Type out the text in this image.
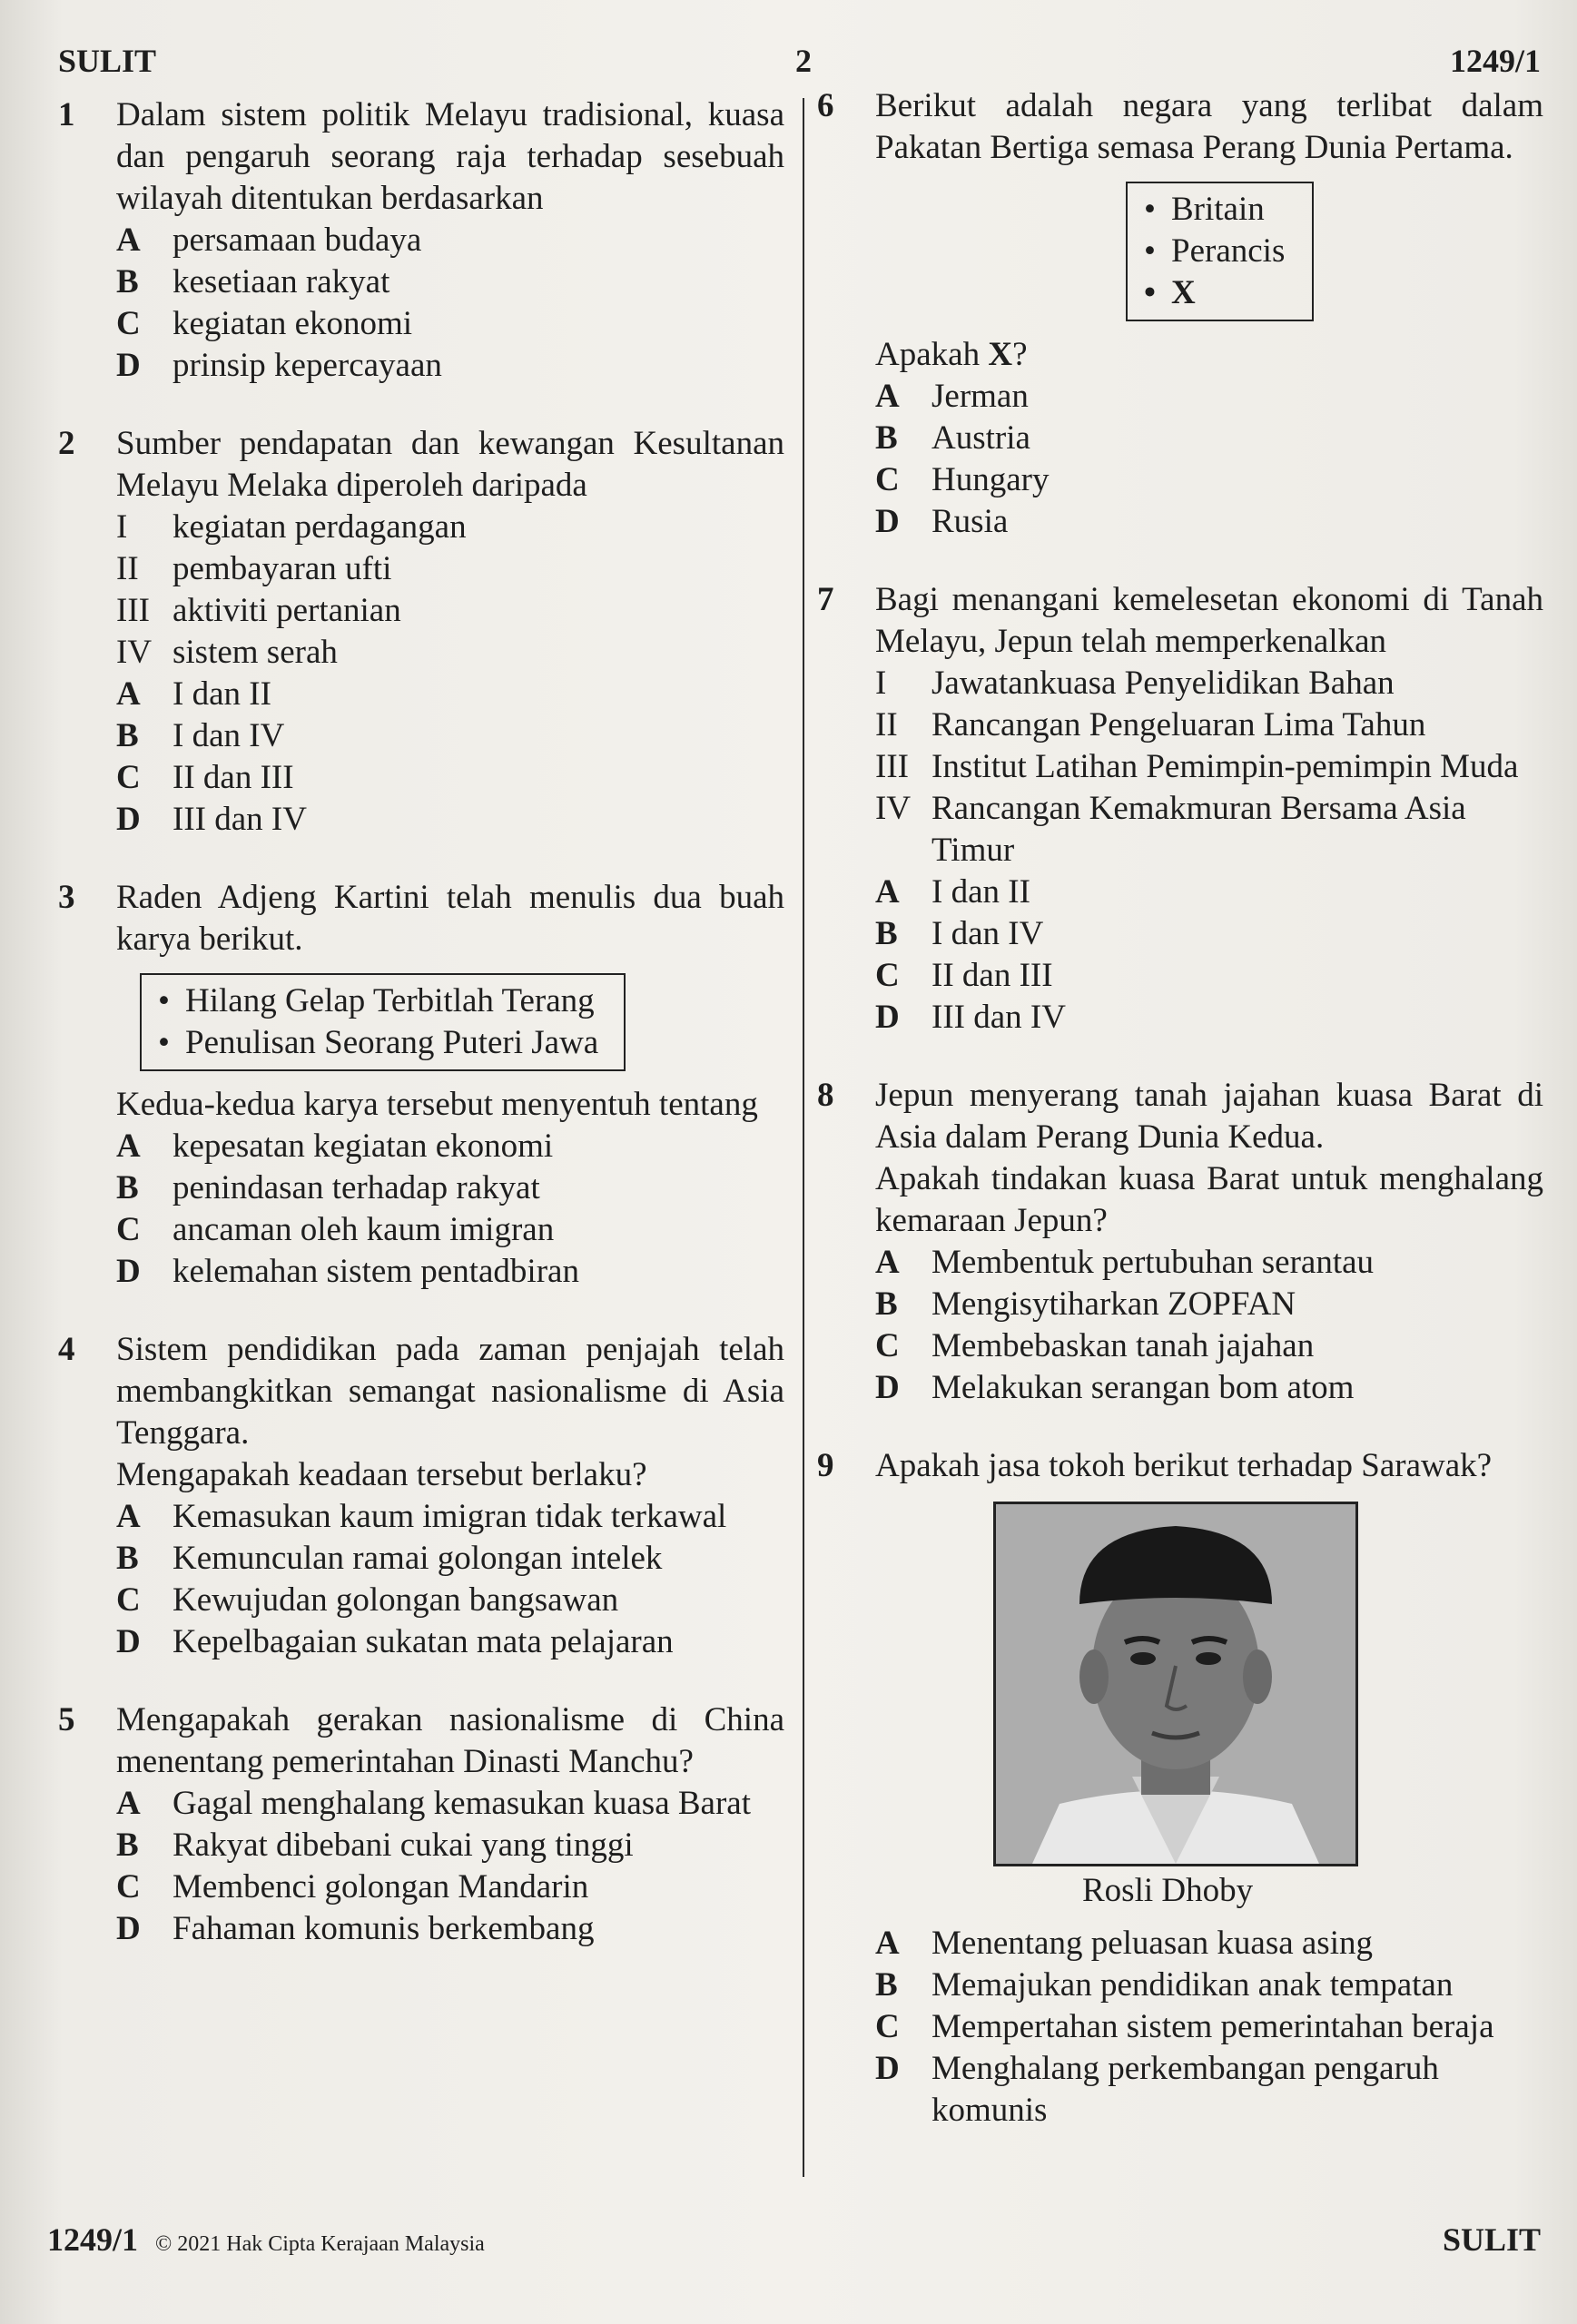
SULIT	2	1249/1
1 Dalam sistem politik Melayu tradisional, kuasa dan pengaruh seorang raja terhadap sesebuah wilayah ditentukan berdasarkan
A persamaan budaya
B kesetiaan rakyat
C kegiatan ekonomi
D prinsip kepercayaan
2 Sumber pendapatan dan kewangan Kesultanan Melayu Melaka diperoleh daripada
I kegiatan perdagangan
II pembayaran ufti
III aktiviti pertanian
IV sistem serah
A I dan II
B I dan IV
C II dan III
D III dan IV
3 Raden Adjeng Kartini telah menulis dua buah karya berikut.
• Hilang Gelap Terbitlah Terang
• Penulisan Seorang Puteri Jawa
Kedua-kedua karya tersebut menyentuh tentang
A kepesatan kegiatan ekonomi
B penindasan terhadap rakyat
C ancaman oleh kaum imigran
D kelemahan sistem pentadbiran
4 Sistem pendidikan pada zaman penjajah telah membangkitkan semangat nasionalisme di Asia Tenggara.
Mengapakah keadaan tersebut berlaku?
A Kemasukan kaum imigran tidak terkawal
B Kemunculan ramai golongan intelek
C Kewujudan golongan bangsawan
D Kepelbagaian sukatan mata pelajaran
5 Mengapakah gerakan nasionalisme di China menentang pemerintahan Dinasti Manchu?
A Gagal menghalang kemasukan kuasa Barat
B Rakyat dibebani cukai yang tinggi
C Membenci golongan Mandarin
D Fahaman komunis berkembang
6 Berikut adalah negara yang terlibat dalam Pakatan Bertiga semasa Perang Dunia Pertama.
• Britain
• Perancis
• X
Apakah X?
A Jerman
B Austria
C Hungary
D Rusia
7 Bagi menangani kemelesetan ekonomi di Tanah Melayu, Jepun telah memperkenalkan
I Jawatankuasa Penyelidikan Bahan
II Rancangan Pengeluaran Lima Tahun
III Institut Latihan Pemimpin-pemimpin Muda
IV Rancangan Kemakmuran Bersama Asia Timur
A I dan II
B I dan IV
C II dan III
D III dan IV
8 Jepun menyerang tanah jajahan kuasa Barat di Asia dalam Perang Dunia Kedua.
Apakah tindakan kuasa Barat untuk menghalang kemaraan Jepun?
A Membentuk pertubuhan serantau
B Mengisytiharkan ZOPFAN
C Membebaskan tanah jajahan
D Melakukan serangan bom atom
9 Apakah jasa tokoh berikut terhadap Sarawak?
Rosli Dhoby
A Menentang peluasan kuasa asing
B Memajukan pendidikan anak tempatan
C Mempertahan sistem pemerintahan beraja
D Menghalang perkembangan pengaruh komunis
1249/1 © 2021 Hak Cipta Kerajaan Malaysia	SULIT
